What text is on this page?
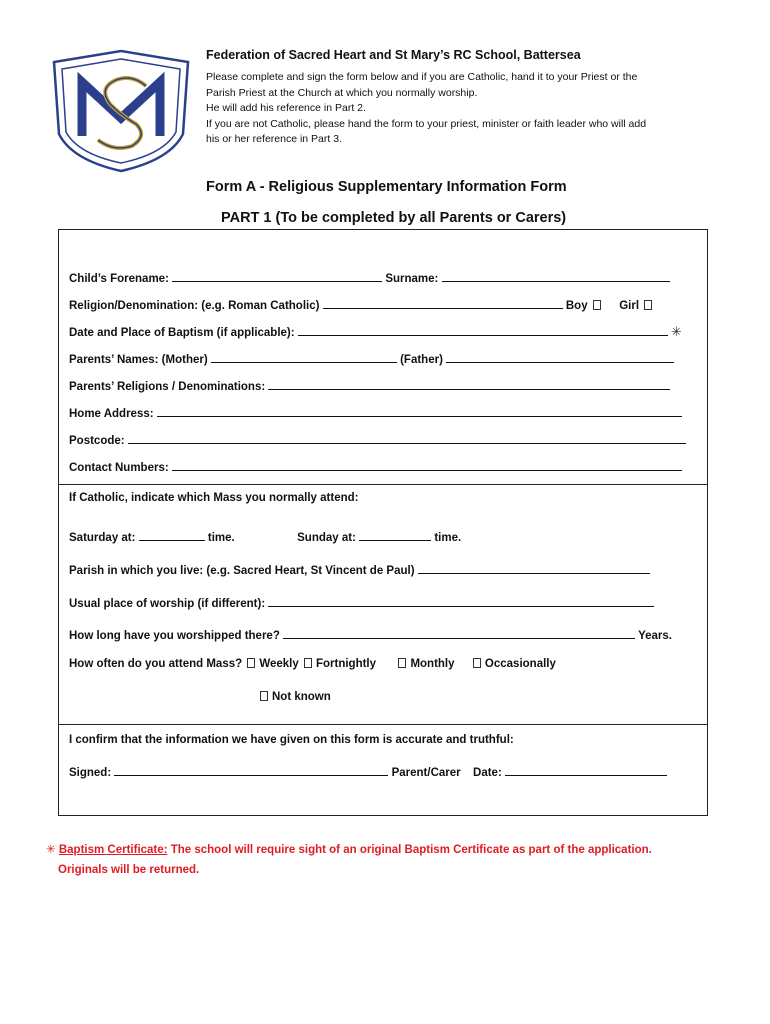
Federation of Sacred Heart and St Mary’s RC School, Battersea
Please complete and sign the form below and if you are Catholic, hand it to your Priest or the
Parish Priest at the Church at which you normally worship.
He will add his reference in Part 2.
If you are not Catholic, please hand the form to your priest, minister or faith leader who will add
his or her reference in Part 3.
Form A - Religious Supplementary Information Form
PART 1 (To be completed by all Parents or Carers)
Child’s Forename:	Surname:
Religion/Denomination: (e.g. Roman Catholic)	Boy	Girl
Date and Place of Baptism (if applicable):	✳
Parents’ Names: (Mother)	(Father)
Parents’ Religions / Denominations:
Home Address:
Postcode:
Contact Numbers:
If Catholic, indicate which Mass you normally attend:
Saturday at:	time.	Sunday at:	time.
Parish in which you live: (e.g. Sacred Heart, St Vincent de Paul)
Usual place of worship (if different):
How long have you worshipped there?	Years.
How often do you attend Mass? Weekly Fortnightly	Monthly	Occasionally
Not known
I confirm that the information we have given on this form is accurate and truthful:
Signed:	Parent/Carer Date:
✳ Baptism Certificate: The school will require sight of an original Baptism Certificate as part of the application.
Originals will be returned.
